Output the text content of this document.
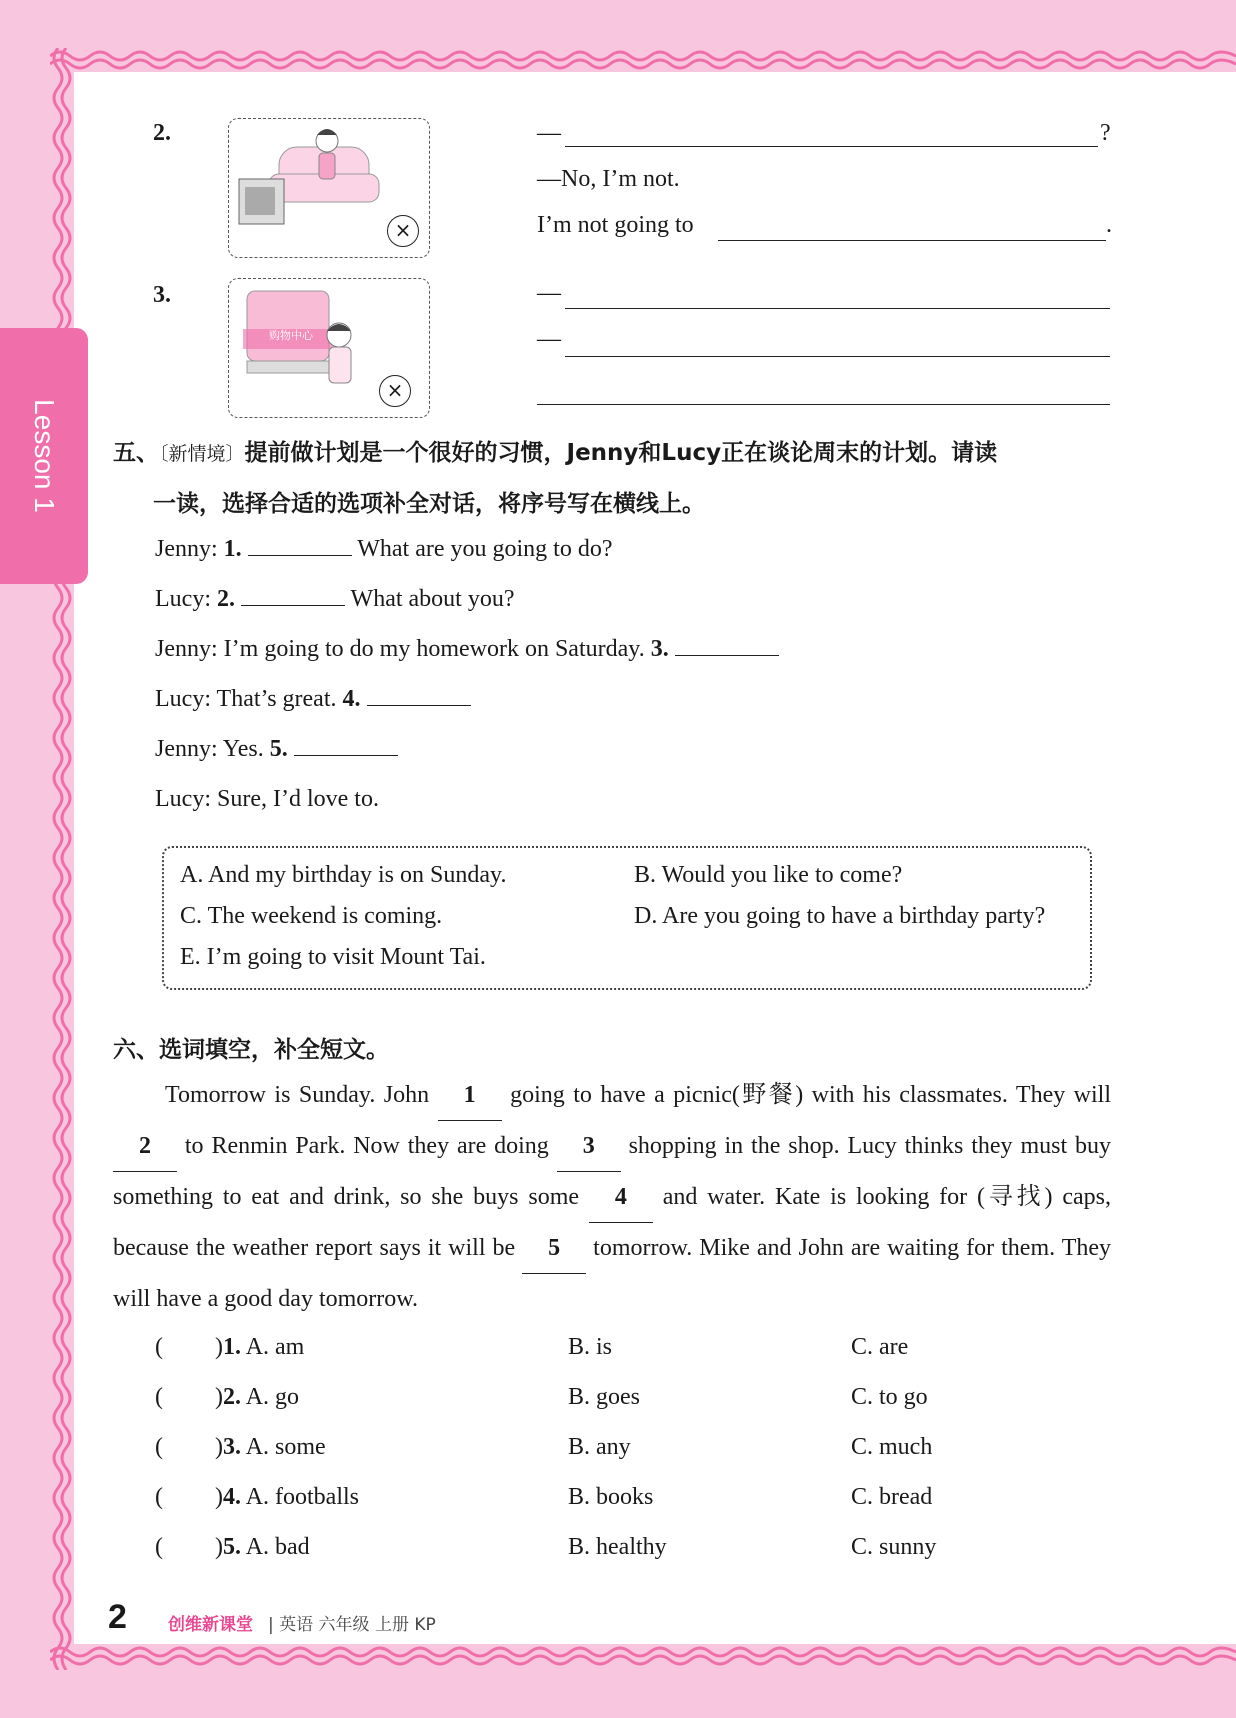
Lesson 1
2.
×
—	?
—No, I’m not.
I’m not going to	.
3.
购物中心
×
—
—
五、〔新情境〕提前做计划是一个很好的习惯，Jenny和Lucy正在谈论周末的计划。请读
一读，选择合适的选项补全对话，将序号写在横线上。
Jenny: 1.	What are you going to do?
Lucy: 2.	What about you?
Jenny: I’m going to do my homework on Saturday. 3.
Lucy: That’s great. 4.
Jenny: Yes. 5.
Lucy: Sure, I’d love to.
A. And my birthday is on Sunday.	B. Would you like to come?
C. The weekend is coming.	D. Are you going to have a birthday party?
E. I’m going to visit Mount Tai.
六、选词填空，补全短文。
Tomorrow is Sunday. John 1 going to have a picnic(野餐) with his classmates. They will 2 to Renmin Park. Now they are doing 3 shopping in the shop. Lucy thinks they must buy something to eat and drink, so she buys some 4 and water. Kate is looking for (寻找) caps, because the weather report says it will be 5 tomorrow. Mike and John are waiting for them. They will have a good day tomorrow.
( )1. A. am	B. is	C. are
( )2. A. go	B. goes	C. to go
( )3. A. some	B. any	C. much
( )4. A. footballs	B. books	C. bread
( )5. A. bad	B. healthy	C. sunny
2 创维新课堂 | 英语 六年级 上册 KP
